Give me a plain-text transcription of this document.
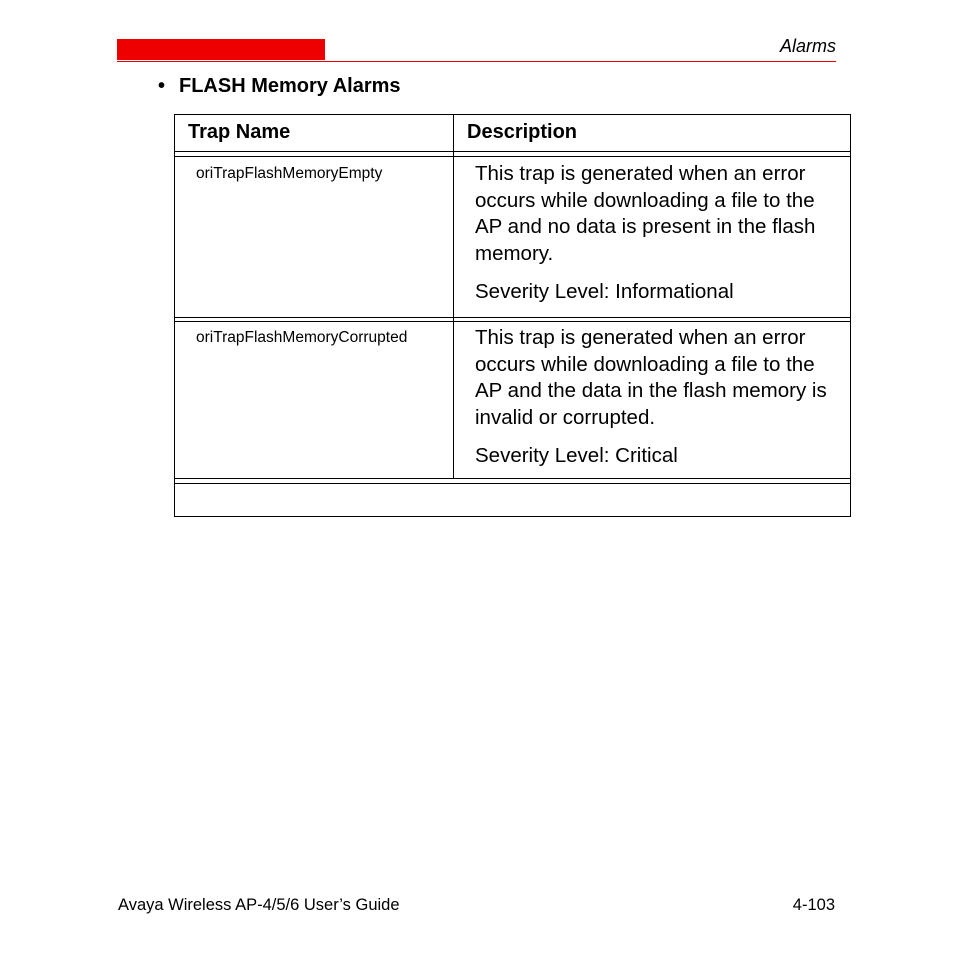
Alarms
• FLASH Memory Alarms
Trap Name	Description
oriTrapFlashMemoryEmpty	This trap is generated when an error occurs while downloading a file to the AP and no data is present in the flash memory.

Severity Level: Informational

oriTrapFlashMemoryCorrupted	This trap is generated when an error occurs while downloading a file to the AP and the data in the flash memory is invalid or corrupted.

Severity Level: Critical

Avaya Wireless AP-4/5/6 User’s Guide	4-103
